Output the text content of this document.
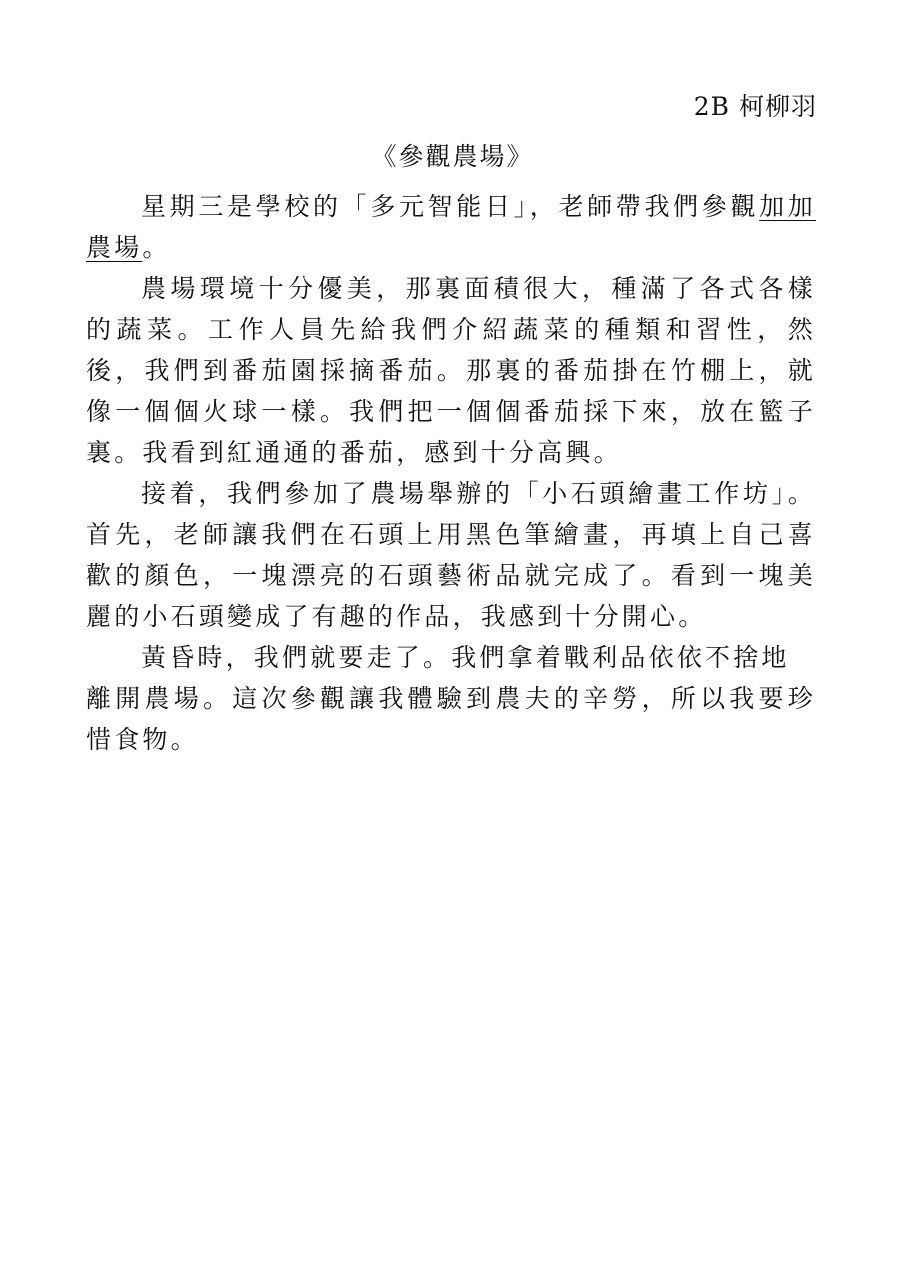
2B 柯柳羽
《參觀農場》

星期三是學校的「多元智能日」，老師帶我們參觀加加農場。

農場環境十分優美，那裏面積很大，種滿了各式各樣的蔬菜。工作人員先給我們介紹蔬菜的種類和習性，然後，我們到番茄園採摘番茄。那裏的番茄掛在竹棚上，就像一個個火球一樣。我們把一個個番茄採下來，放在籃子裏。我看到紅通通的番茄，感到十分高興。

接着，我們參加了農場舉辦的「小石頭繪畫工作坊」。首先，老師讓我們在石頭上用黑色筆繪畫，再填上自己喜歡的顏色，一塊漂亮的石頭藝術品就完成了。看到一塊美麗的小石頭變成了有趣的作品，我感到十分開心。

黃昏時，我們就要走了。我們拿着戰利品依依不捨地
離開農場。這次參觀讓我體驗到農夫的辛勞，所以我要珍惜食物。
